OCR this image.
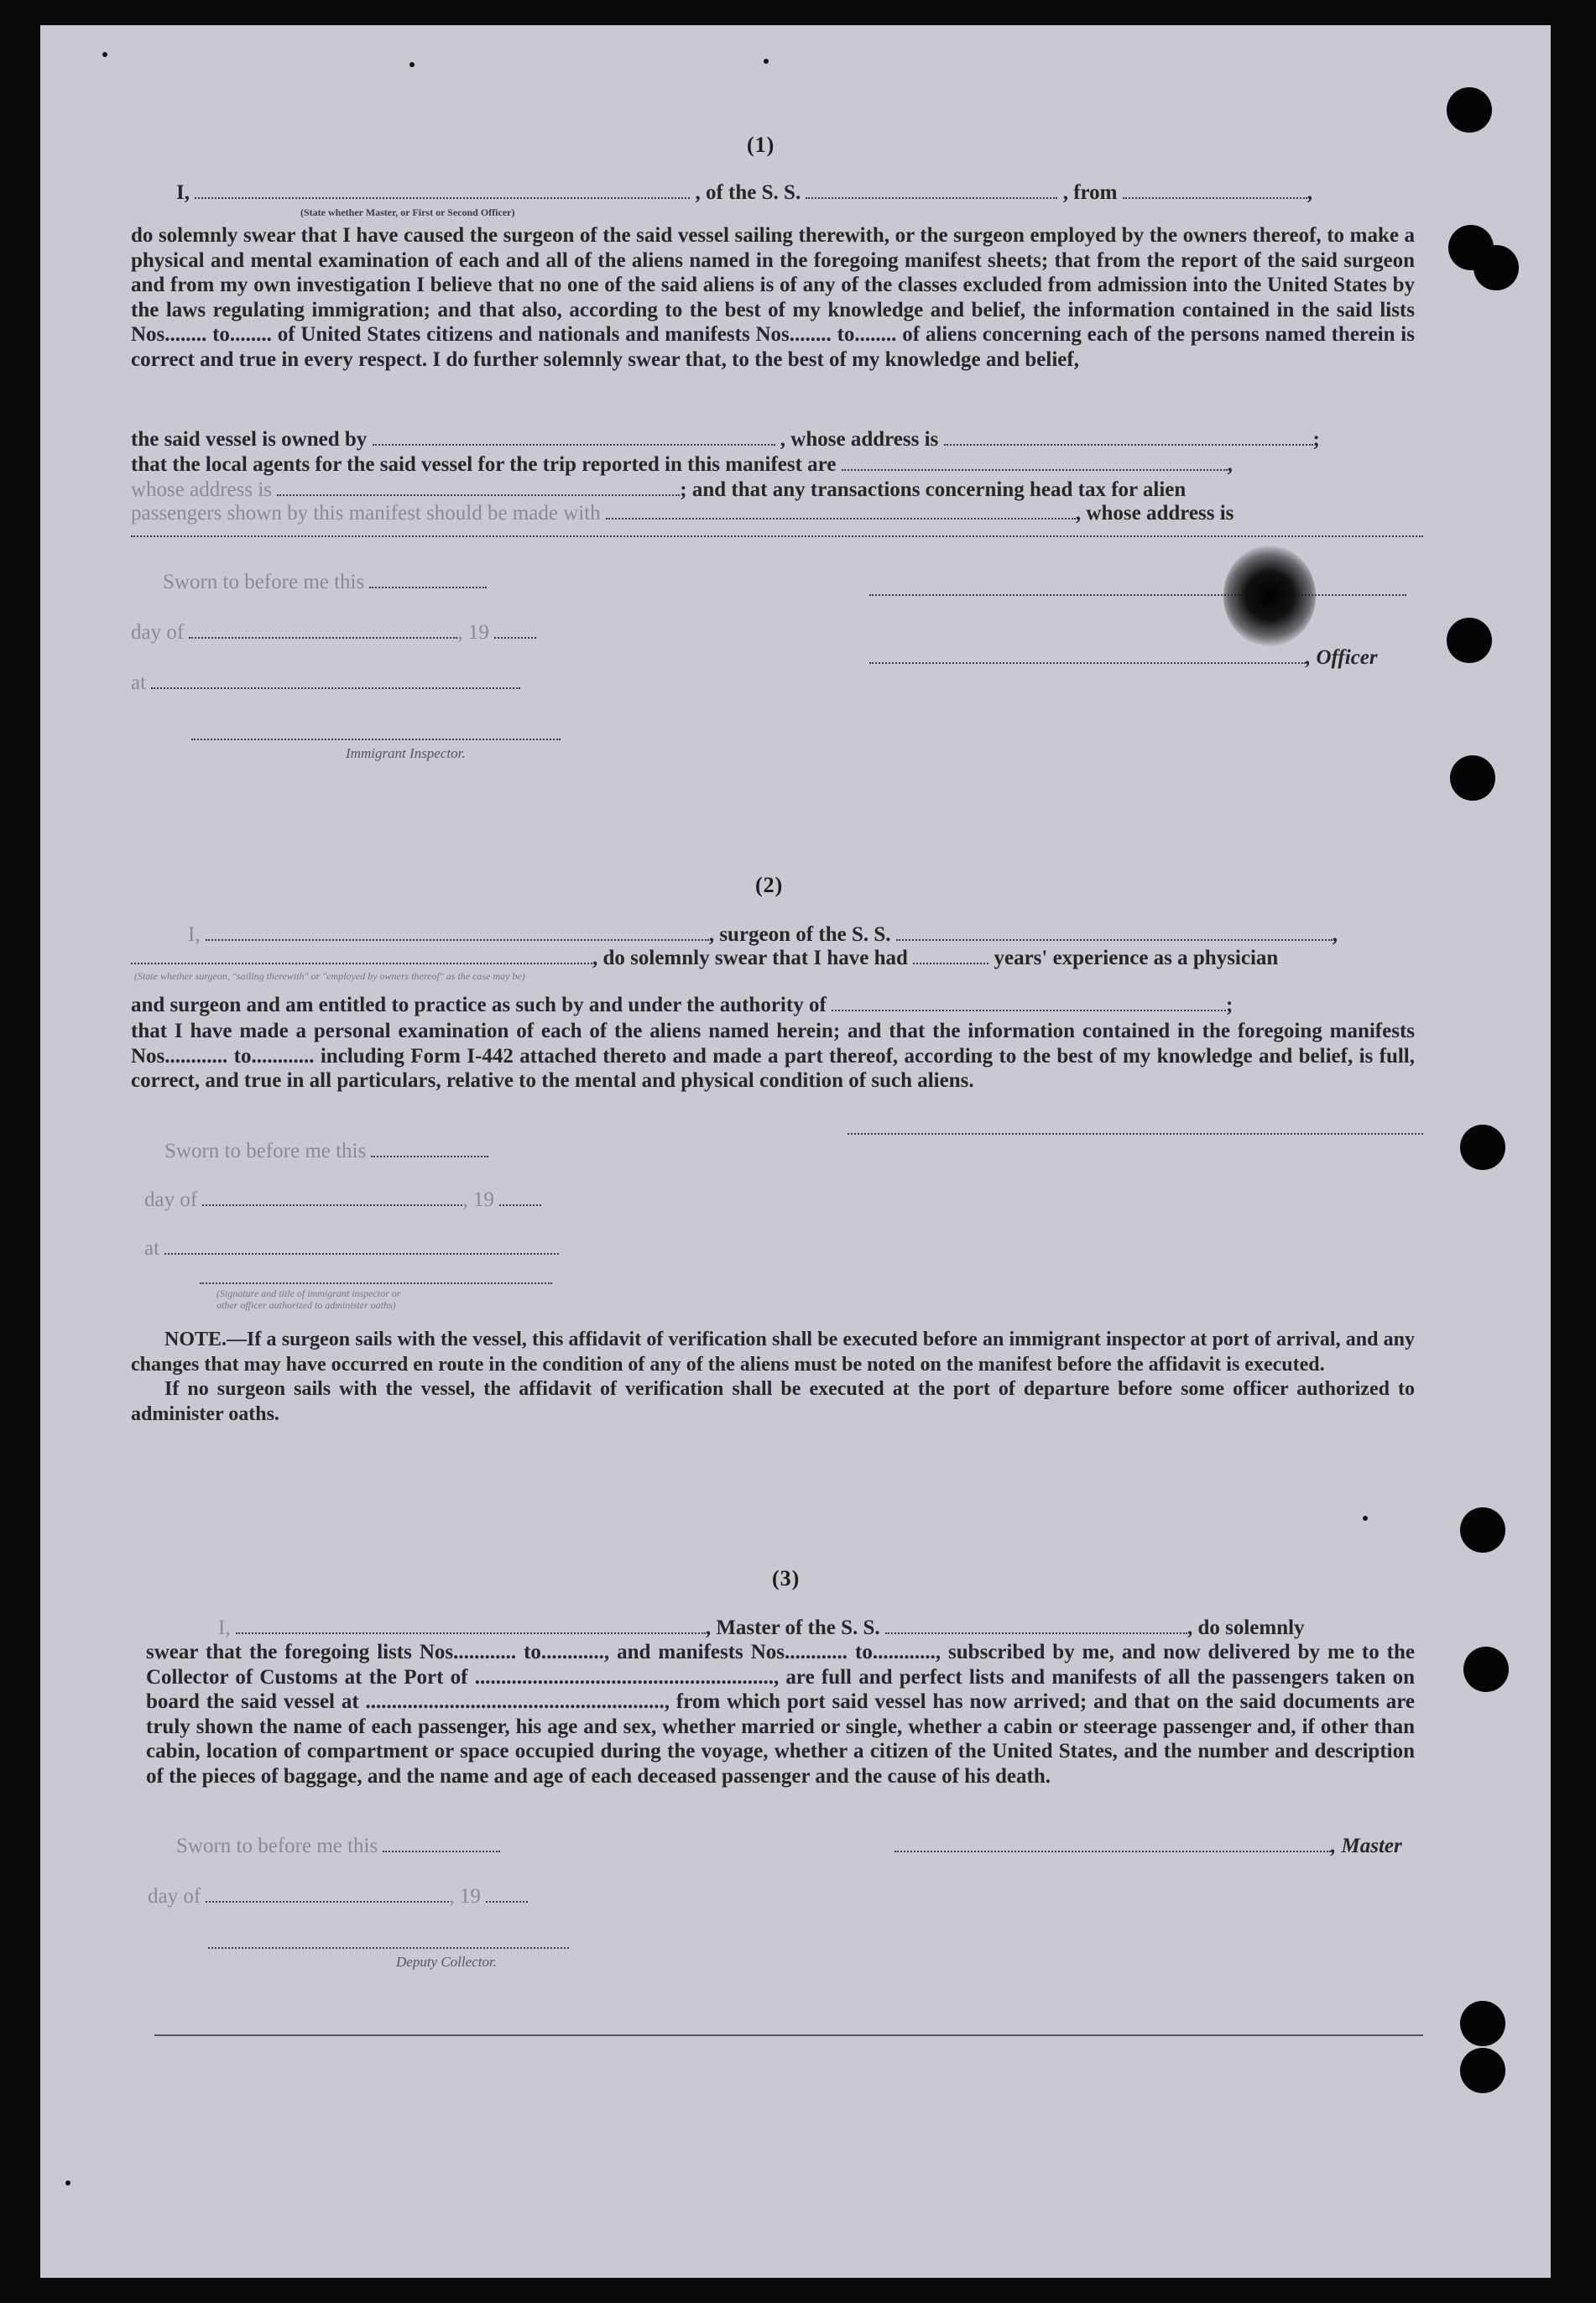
(1)
I,	, of the S. S.	, from	,
(State whether Master, or First or Second Officer)

do solemnly swear that I have caused the surgeon of the said vessel sailing therewith, or the surgeon employed by the owners thereof, to make a physical and mental examination of each and all of the aliens named in the foregoing manifest sheets; that from the report of the said surgeon and from my own investigation I believe that no one of the said aliens is of any of the classes excluded from admission into the United States by the laws regulating immigration; and that also, according to the best of my knowledge and belief, the information contained in the said lists Nos........ to........ of United States citizens and nationals and manifests Nos........ to........ of aliens concerning each of the persons named therein is correct and true in every respect. I do further solemnly swear that, to the best of my knowledge and belief,

the said vessel is owned by	, whose address is	;
that the local agents for the said vessel for the trip reported in this manifest are	,
whose address is	; and that any transactions concerning head tax for alien
passengers shown by this manifest should be made with	, whose address is
Sworn to before me this
day of	, 19
at
Immigrant Inspector.
, Officer
(2)
I,	, surgeon of the S. S.	,
, do solemnly swear that I have had	years' experience as a physician
(State whether surgeon, "sailing therewith" or "employed by owners thereof" as the case may be)
and surgeon and am entitled to practice as such by and under the authority of	;

that I have made a personal examination of each of the aliens named herein; and that the information contained in the foregoing manifests Nos............ to............ including Form I-442 attached thereto and made a part thereof, according to the best of my knowledge and belief, is full, correct, and true in all particulars, relative to the mental and physical condition of such aliens.

Sworn to before me this
day of	, 19
at
(Signature and title of immigrant inspector or
other officer authorized to administer oaths)

NOTE.—If a surgeon sails with the vessel, this affidavit of verification shall be executed before an immigrant inspector at port of arrival, and any changes that may have occurred en route in the condition of any of the aliens must be noted on the manifest before the affidavit is executed.

If no surgeon sails with the vessel, the affidavit of verification shall be executed at the port of departure before some officer authorized to administer oaths.

(3)
I,	, Master of the S. S.	, do solemnly

swear that the foregoing lists Nos............ to............, and manifests Nos............ to............, subscribed by me, and now delivered by me to the Collector of Customs at the Port of ........................................................., are full and perfect lists and manifests of all the passengers taken on board the said vessel at ........................................................., from which port said vessel has now arrived; and that on the said documents are truly shown the name of each passenger, his age and sex, whether married or single, whether a cabin or steerage passenger and, if other than cabin, location of compartment or space occupied during the voyage, whether a citizen of the United States, and the number and description of the pieces of baggage, and the name and age of each deceased passenger and the cause of his death.

Sworn to before me this
day of	, 19
Deputy Collector.
, Master
